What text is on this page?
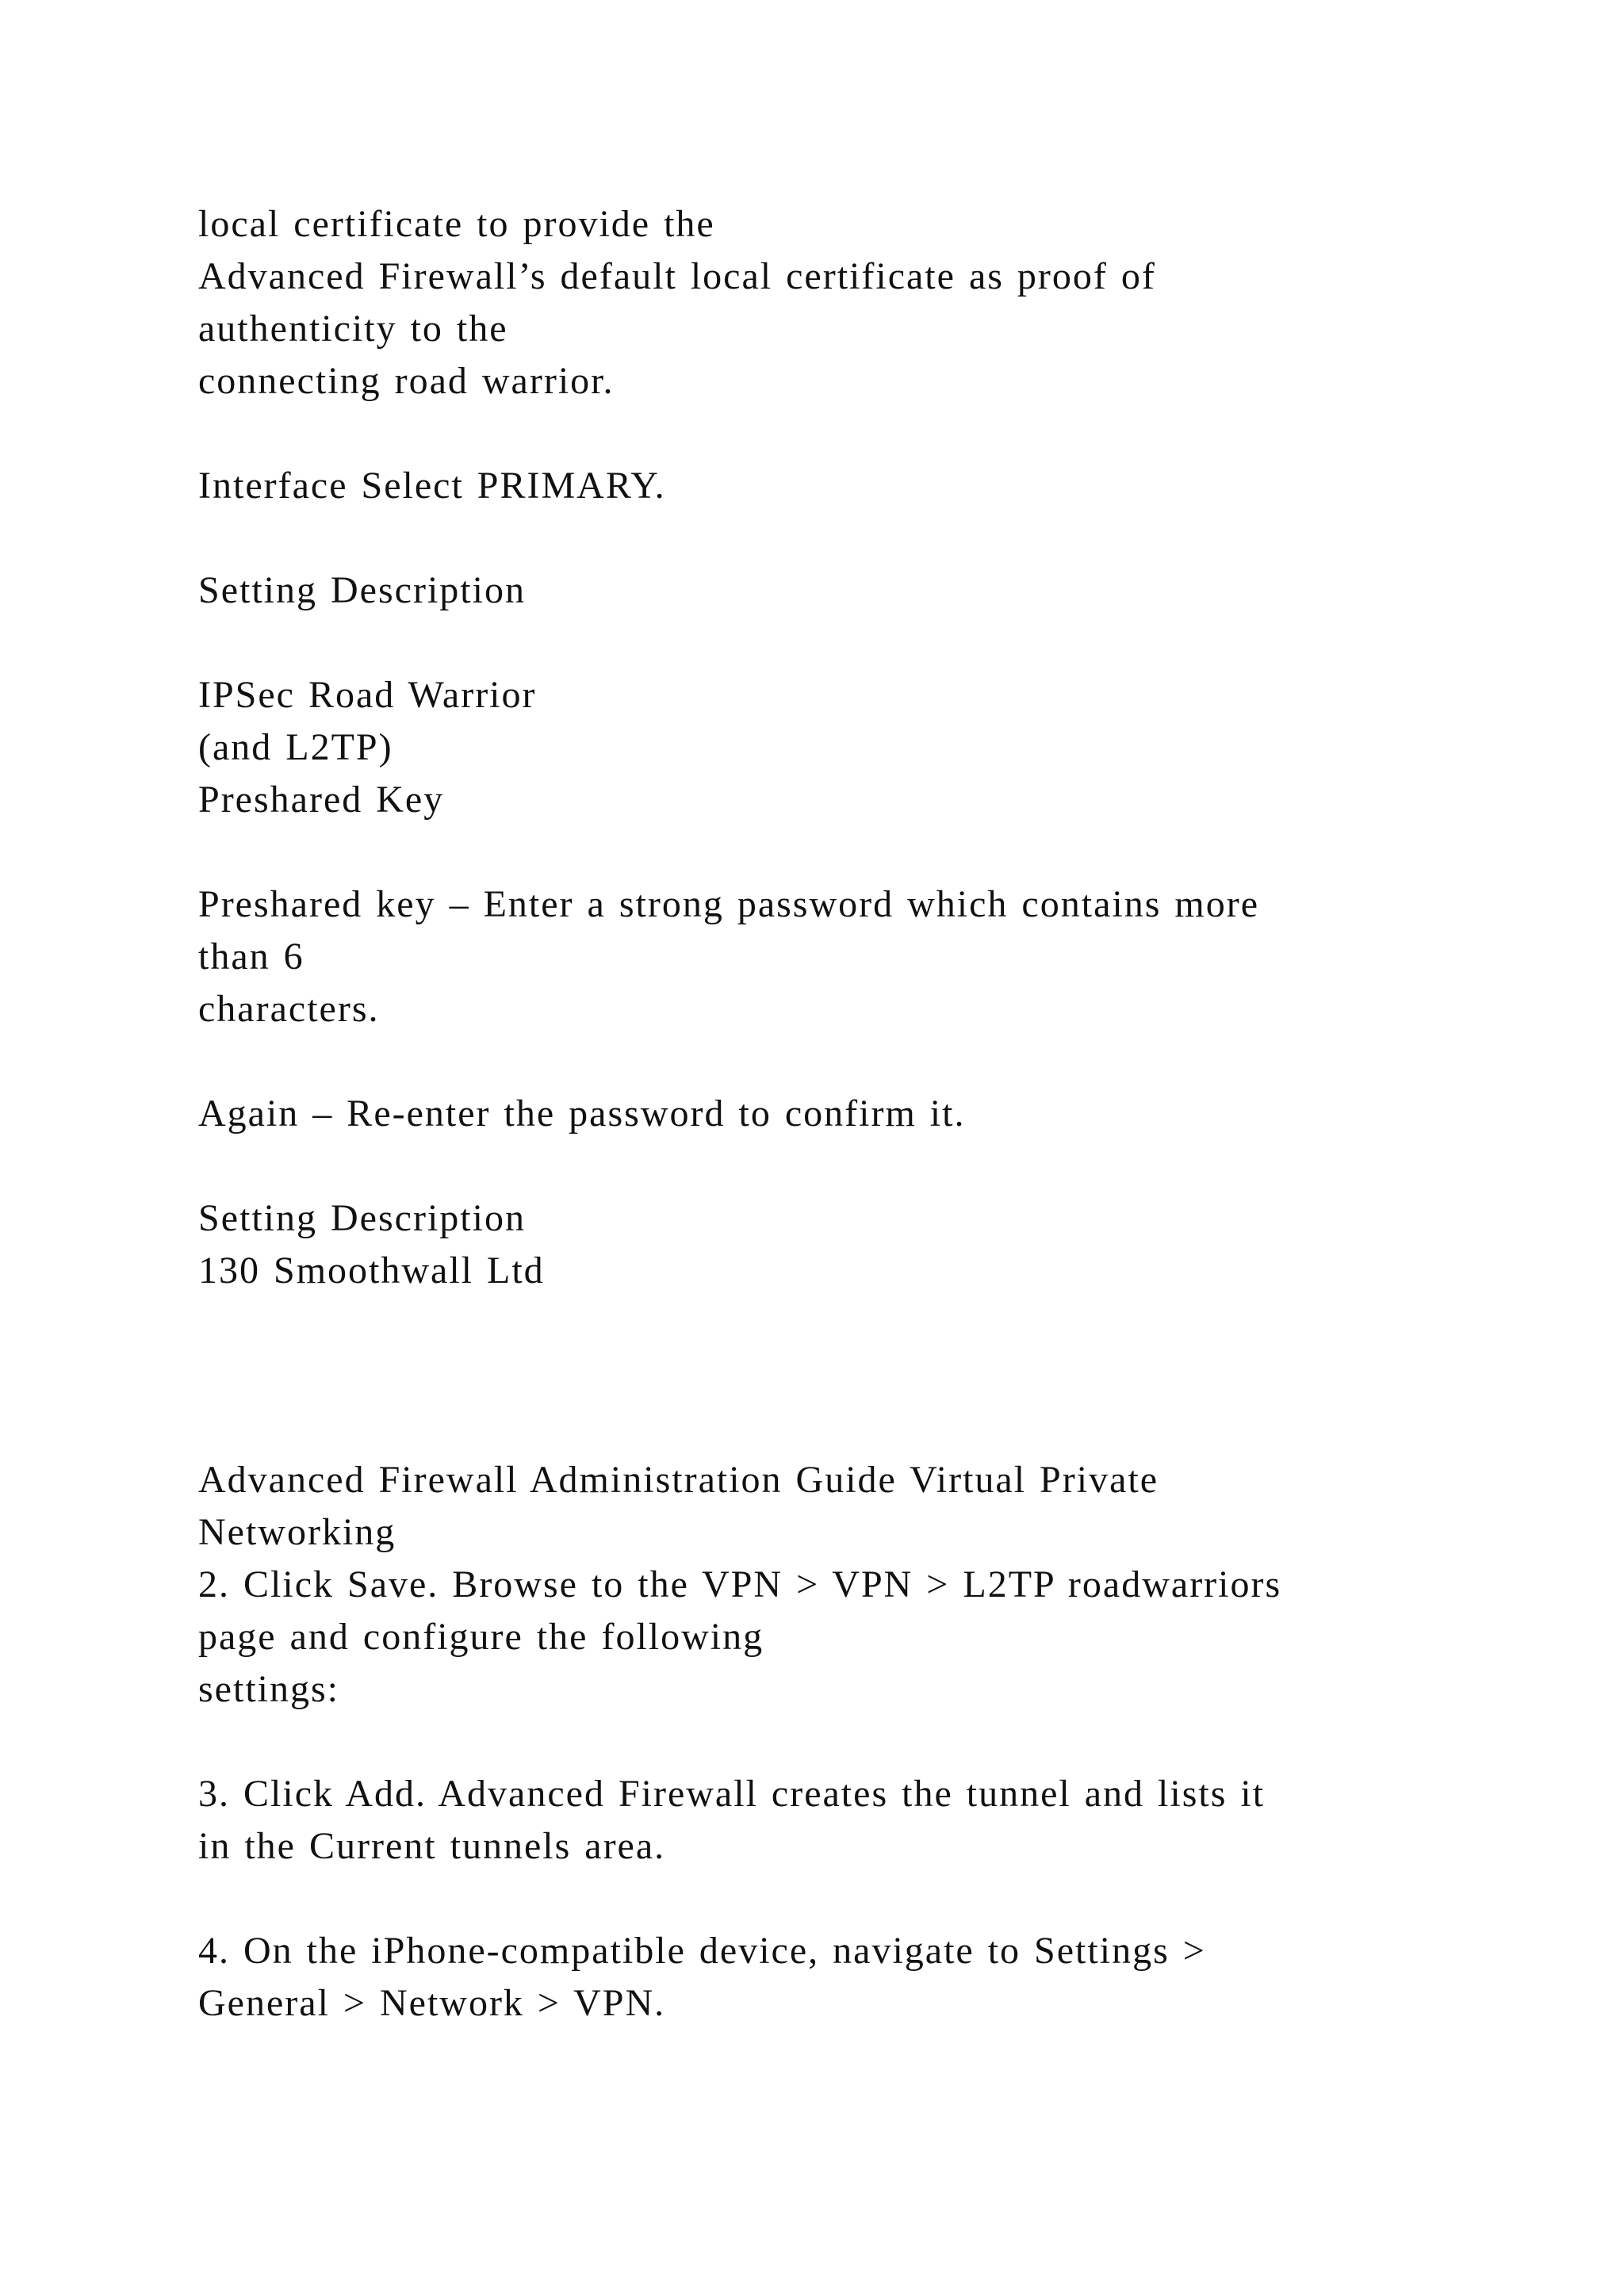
local certificate to provide the
Advanced Firewall’s default local certificate as proof of
authenticity to the
connecting road warrior.
Interface Select PRIMARY.
Setting Description
IPSec Road Warrior
(and L2TP)
Preshared Key
Preshared key – Enter a strong password which contains more
than 6
characters.
Again – Re-enter the password to confirm it.
Setting Description
130 Smoothwall Ltd
Advanced Firewall Administration Guide Virtual Private
Networking
2. Click Save. Browse to the VPN > VPN > L2TP roadwarriors
page and configure the following
settings:
3. Click Add. Advanced Firewall creates the tunnel and lists it
in the Current tunnels area.
4. On the iPhone-compatible device, navigate to Settings >
General > Network > VPN.
